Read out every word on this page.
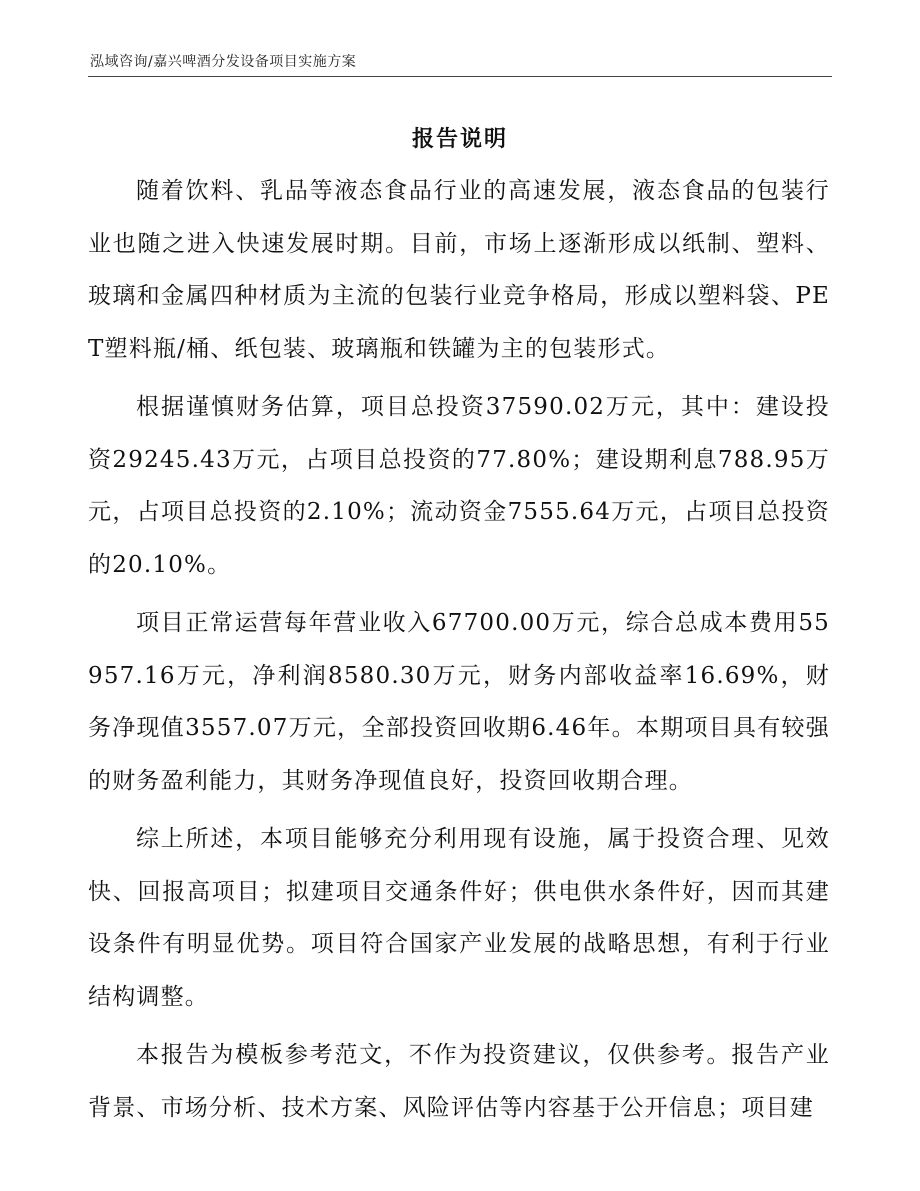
泓域咨询/嘉兴啤酒分发设备项目实施方案
报告说明

随着饮料、乳品等液态食品行业的高速发展，液态食品的包装行业也随之进入快速发展时期。目前，市场上逐渐形成以纸制、塑料、玻璃和金属四种材质为主流的包装行业竞争格局，形成以塑料袋、PET塑料瓶/桶、纸包装、玻璃瓶和铁罐为主的包装形式。

根据谨慎财务估算，项目总投资37590.02万元，其中：建设投资29245.43万元，占项目总投资的77.80%；建设期利息788.95万元，占项目总投资的2.10%；流动资金7555.64万元，占项目总投资的20.10%。

项目正常运营每年营业收入67700.00万元，综合总成本费用55957.16万元，净利润8580.30万元，财务内部收益率16.69%，财务净现值3557.07万元，全部投资回收期6.46年。本期项目具有较强的财务盈利能力，其财务净现值良好，投资回收期合理。

综上所述，本项目能够充分利用现有设施，属于投资合理、见效快、回报高项目；拟建项目交通条件好；供电供水条件好，因而其建设条件有明显优势。项目符合国家产业发展的战略思想，有利于行业结构调整。

本报告为模板参考范文，不作为投资建议，仅供参考。报告产业背景、市场分析、技术方案、风险评估等内容基于公开信息；项目建
